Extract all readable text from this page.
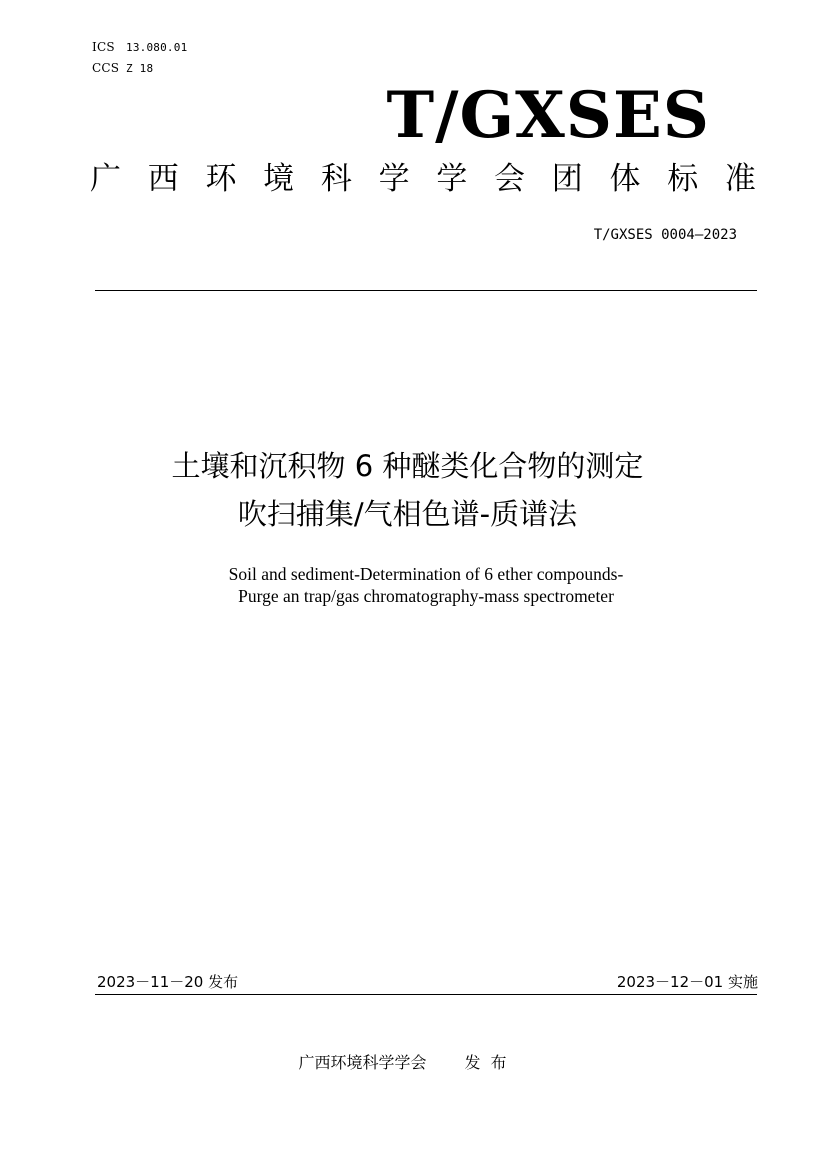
ICS 13.080.01
CCS Z 18
T/GXSES
广 西 环 境 科 学 学 会 团 体 标 准
T/GXSES 0004—2023
土壤和沉积物 6 种醚类化合物的测定
吹扫捕集/气相色谱-质谱法
Soil and sediment-Determination of 6 ether compounds-
Purge an trap/gas chromatography-mass spectrometer
2023－11－20 发布	2023－12－01 实施
广西环境科学学会 发布
